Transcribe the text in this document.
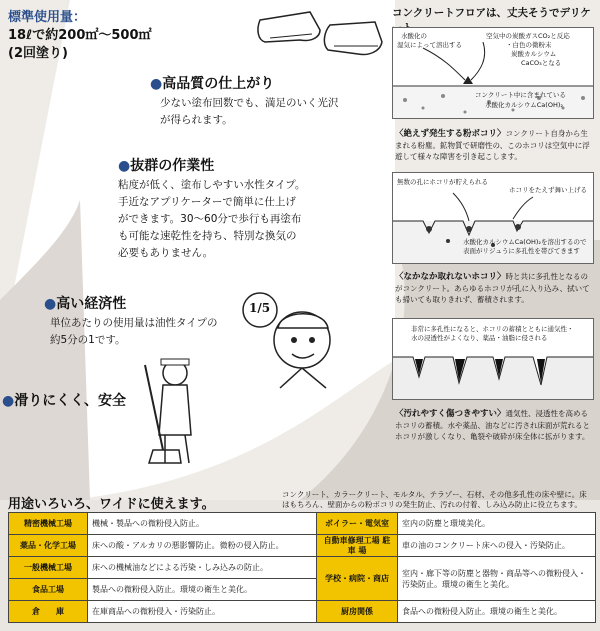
標準使用量：
18ℓで約200㎡〜500㎡
(2回塗り)
●高品質の仕上がり
少ない塗布回数でも、満足のいく光沢
が得られます。
●抜群の作業性
粘度が低く、塗布しやすい水性タイプ。
手近なアプリケーターで簡単に仕上げ
ができます。30〜60分で歩行も再塗布
も可能な速乾性を持ち、特別な換気の
必要もありません。
●高い経済性
単位あたりの使用量は油性タイプの
約5分の1です。
●滑りにくく、安全
1/5
コンクリートフロアは、丈夫そうでデリケ
水酸化の
湿気によって溶出する
空気中の炭酸ガスCO₂と反応
・白色の微粉末
炭酸カルシウム
CaCO₃となる
コンクリート中に含まれている
水酸化カルシウムCa(OH)₂
〈絶えず発生する粉ボコリ〉コンクリート自身から生まれる粉塵。鉱物質で研磨性の、このホコリは空気中に浮遊して様々な障害を引き起こします。
無数の孔にホコリが貯えられる
ホコリをたえず舞い上げる
水酸化カルシウムCa(OH)₂を溶出するので
表面がリジュうに多孔性を帯びてきます
〈なかなか取れないホコリ〉時と共に多孔性となるのがコンクリート。あらゆるホコリが孔に入り込み、拭いても掃いても取りきれず、蓄積されます。
非常に多孔性になると、ホコリの蓄積とともに通気性・
水の浸透性がよくなり、薬品・油脂に侵される
〈汚れやすく傷つきやすい〉通気性、浸透性を高めるホコリの蓄積。水や薬品、油などに汚され床面が荒れるとホコリが激しくなり、亀裂や破砕が床全体に拡がります。
用途いろいろ、ワイドに使えます。
コンクリート、カラークリート、モルタル、テラゾー、石材、その他多孔性の床や壁に。床はもちろん、壁面からの粉ボコリの発生防止、汚れの付着、しみ込み防止に役立ちます。
精密機械工場	機械・製品への微粉侵入防止。	ボイラー・電気室	室内の防塵と環境美化。
薬品・化学工場	床への酸・アルカリの悪影響防止。微粉の侵入防止。	自動車修理工場 駐 車 場	車の油のコンクリート床への侵入・汚染防止。
一般機械工場	床への機械油などによる汚染・しみ込みの防止。	学校・病院・商店	室内・廊下等の防塵と器物・商品等への微粉侵入・汚染防止。環境の衛生と美化。
食品工場	製品への微粉侵入防止。環境の衛生と美化。		
倉　　庫	在庫商品への微粉侵入・汚染防止。	厨房関係	食品への微粉侵入防止。環境の衛生と美化。
